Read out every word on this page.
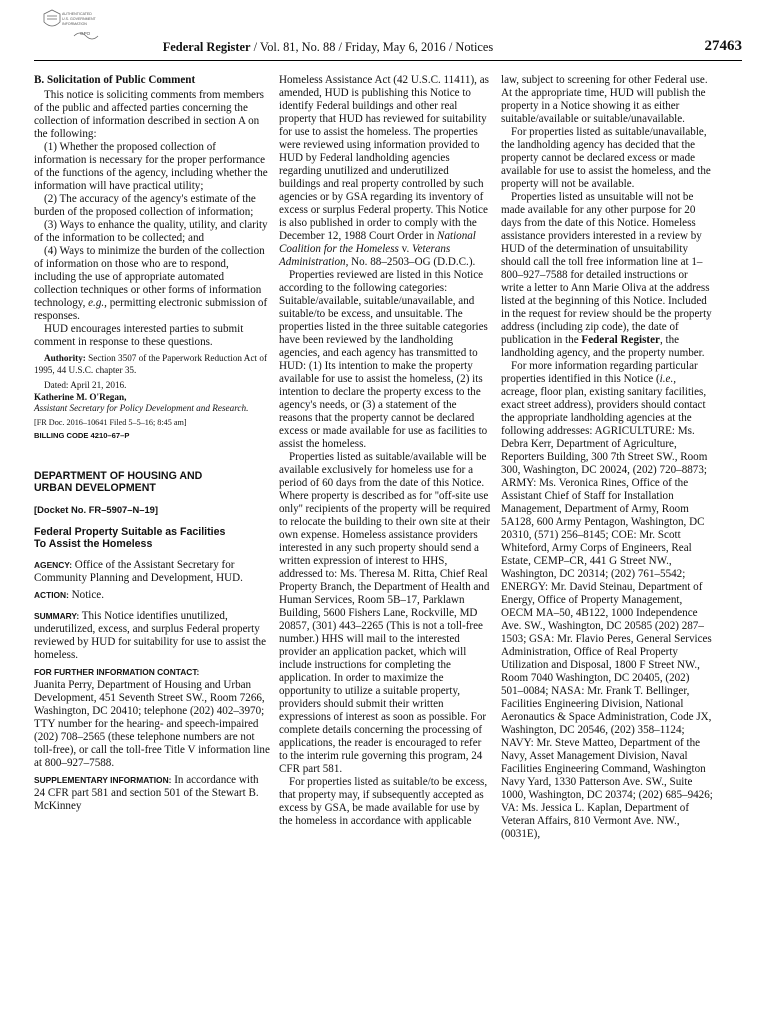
AUTHENTICATED
U.S. GOVERNMENT
INFORMATION
GPO
Federal Register / Vol. 81, No. 88 / Friday, May 6, 2016 / Notices	27463

B. Solicitation of Public Comment

This notice is soliciting comments from members of the public and affected parties concerning the collection of information described in section A on the following:

(1) Whether the proposed collection of information is necessary for the proper performance of the functions of the agency, including whether the information will have practical utility;

(2) The accuracy of the agency's estimate of the burden of the proposed collection of information;

(3) Ways to enhance the quality, utility, and clarity of the information to be collected; and

(4) Ways to minimize the burden of the collection of information on those who are to respond, including the use of appropriate automated collection techniques or other forms of information technology, e.g., permitting electronic submission of responses.

HUD encourages interested parties to submit comment in response to these questions.

Authority: Section 3507 of the Paperwork Reduction Act of 1995, 44 U.S.C. chapter 35.

Dated: April 21, 2016.

Katherine M. O'Regan,

Assistant Secretary for Policy Development and Research.

[FR Doc. 2016–10641 Filed 5–5–16; 8:45 am]

BILLING CODE 4210–67–P

DEPARTMENT OF HOUSING AND
URBAN DEVELOPMENT

[Docket No. FR–5907–N–19]

Federal Property Suitable as Facilities
To Assist the Homeless

AGENCY: Office of the Assistant Secretary for Community Planning and Development, HUD.

ACTION: Notice.

SUMMARY: This Notice identifies unutilized, underutilized, excess, and surplus Federal property reviewed by HUD for suitability for use to assist the homeless.

FOR FURTHER INFORMATION CONTACT:

Juanita Perry, Department of Housing and Urban Development, 451 Seventh Street SW., Room 7266, Washington, DC 20410; telephone (202) 402–3970; TTY number for the hearing- and speech-impaired (202) 708–2565 (these telephone numbers are not toll-free), or call the toll-free Title V information line at 800–927–7588.

SUPPLEMENTARY INFORMATION: In accordance with 24 CFR part 581 and section 501 of the Stewart B. McKinney

Homeless Assistance Act (42 U.S.C. 11411), as amended, HUD is publishing this Notice to identify Federal buildings and other real property that HUD has reviewed for suitability for use to assist the homeless. The properties were reviewed using information provided to HUD by Federal landholding agencies regarding unutilized and underutilized buildings and real property controlled by such agencies or by GSA regarding its inventory of excess or surplus Federal property. This Notice is also published in order to comply with the December 12, 1988 Court Order in National Coalition for the Homeless v. Veterans Administration, No. 88–2503–OG (D.D.C.).

Properties reviewed are listed in this Notice according to the following categories: Suitable/available, suitable/unavailable, and suitable/to be excess, and unsuitable. The properties listed in the three suitable categories have been reviewed by the landholding agencies, and each agency has transmitted to HUD: (1) Its intention to make the property available for use to assist the homeless, (2) its intention to declare the property excess to the agency's needs, or (3) a statement of the reasons that the property cannot be declared excess or made available for use as facilities to assist the homeless.

Properties listed as suitable/available will be available exclusively for homeless use for a period of 60 days from the date of this Notice. Where property is described as for ''off-site use only'' recipients of the property will be required to relocate the building to their own site at their own expense. Homeless assistance providers interested in any such property should send a written expression of interest to HHS, addressed to: Ms. Theresa M. Ritta, Chief Real Property Branch, the Department of Health and Human Services, Room 5B–17, Parklawn Building, 5600 Fishers Lane, Rockville, MD 20857, (301) 443–2265 (This is not a toll-free number.) HHS will mail to the interested provider an application packet, which will include instructions for completing the application. In order to maximize the opportunity to utilize a suitable property, providers should submit their written expressions of interest as soon as possible. For complete details concerning the processing of applications, the reader is encouraged to refer to the interim rule governing this program, 24 CFR part 581.

For properties listed as suitable/to be excess, that property may, if subsequently accepted as excess by GSA, be made available for use by the homeless in accordance with applicable

law, subject to screening for other Federal use. At the appropriate time, HUD will publish the property in a Notice showing it as either suitable/available or suitable/unavailable.

For properties listed as suitable/unavailable, the landholding agency has decided that the property cannot be declared excess or made available for use to assist the homeless, and the property will not be available.

Properties listed as unsuitable will not be made available for any other purpose for 20 days from the date of this Notice. Homeless assistance providers interested in a review by HUD of the determination of unsuitability should call the toll free information line at 1–800–927–7588 for detailed instructions or write a letter to Ann Marie Oliva at the address listed at the beginning of this Notice. Included in the request for review should be the property address (including zip code), the date of publication in the Federal Register, the landholding agency, and the property number.

For more information regarding particular properties identified in this Notice (i.e., acreage, floor plan, existing sanitary facilities, exact street address), providers should contact the appropriate landholding agencies at the following addresses: AGRICULTURE: Ms. Debra Kerr, Department of Agriculture, Reporters Building, 300 7th Street SW., Room 300, Washington, DC 20024, (202) 720–8873; ARMY: Ms. Veronica Rines, Office of the Assistant Chief of Staff for Installation Management, Department of Army, Room 5A128, 600 Army Pentagon, Washington, DC 20310, (571) 256–8145; COE: Mr. Scott Whiteford, Army Corps of Engineers, Real Estate, CEMP–CR, 441 G Street NW., Washington, DC 20314; (202) 761–5542; ENERGY: Mr. David Steinau, Department of Energy, Office of Property Management, OECM MA–50, 4B122, 1000 Independence Ave. SW., Washington, DC 20585 (202) 287–1503; GSA: Mr. Flavio Peres, General Services Administration, Office of Real Property Utilization and Disposal, 1800 F Street NW., Room 7040 Washington, DC 20405, (202) 501–0084; NASA: Mr. Frank T. Bellinger, Facilities Engineering Division, National Aeronautics & Space Administration, Code JX, Washington, DC 20546, (202) 358–1124; NAVY: Mr. Steve Matteo, Department of the Navy, Asset Management Division, Naval Facilities Engineering Command, Washington Navy Yard, 1330 Patterson Ave. SW., Suite 1000, Washington, DC 20374; (202) 685–9426; VA: Ms. Jessica L. Kaplan, Department of Veteran Affairs, 810 Vermont Ave. NW., (0031E),
